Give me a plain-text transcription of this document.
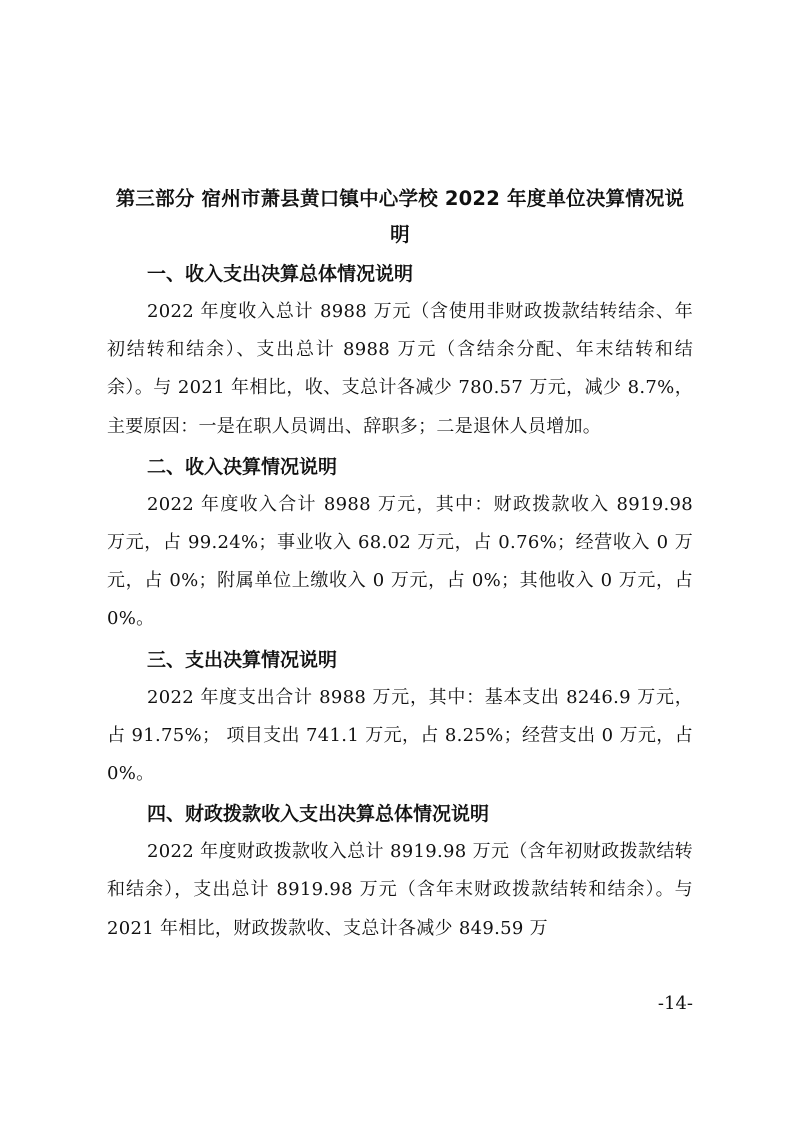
第三部分 宿州市萧县黄口镇中心学校 2022 年度单位决算情况说明
一、收入支出决算总体情况说明

2022 年度收入总计 8988 万元（含使用非财政拨款结转结余、年初结转和结余）、支出总计 8988 万元（含结余分配、年末结转和结余）。与 2021 年相比，收、支总计各减少 780.57 万元，减少 8.7%，主要原因：一是在职人员调出、辞职多；二是退休人员增加。

二、收入决算情况说明

2022 年度收入合计 8988 万元，其中：财政拨款收入 8919.98 万元，占 99.24%；事业收入 68.02 万元，占 0.76%；经营收入 0 万元，占 0%；附属单位上缴收入 0 万元，占 0%；其他收入 0 万元，占 0%。

三、支出决算情况说明

2022 年度支出合计 8988 万元，其中：基本支出 8246.9 万元，占 91.75%； 项目支出 741.1 万元，占 8.25%；经营支出 0 万元，占 0%。

四、财政拨款收入支出决算总体情况说明

2022 年度财政拨款收入总计 8919.98 万元（含年初财政拨款结转和结余），支出总计 8919.98 万元（含年末财政拨款结转和结余）。与 2021 年相比，财政拨款收、支总计各减少 849.59 万

-14-
